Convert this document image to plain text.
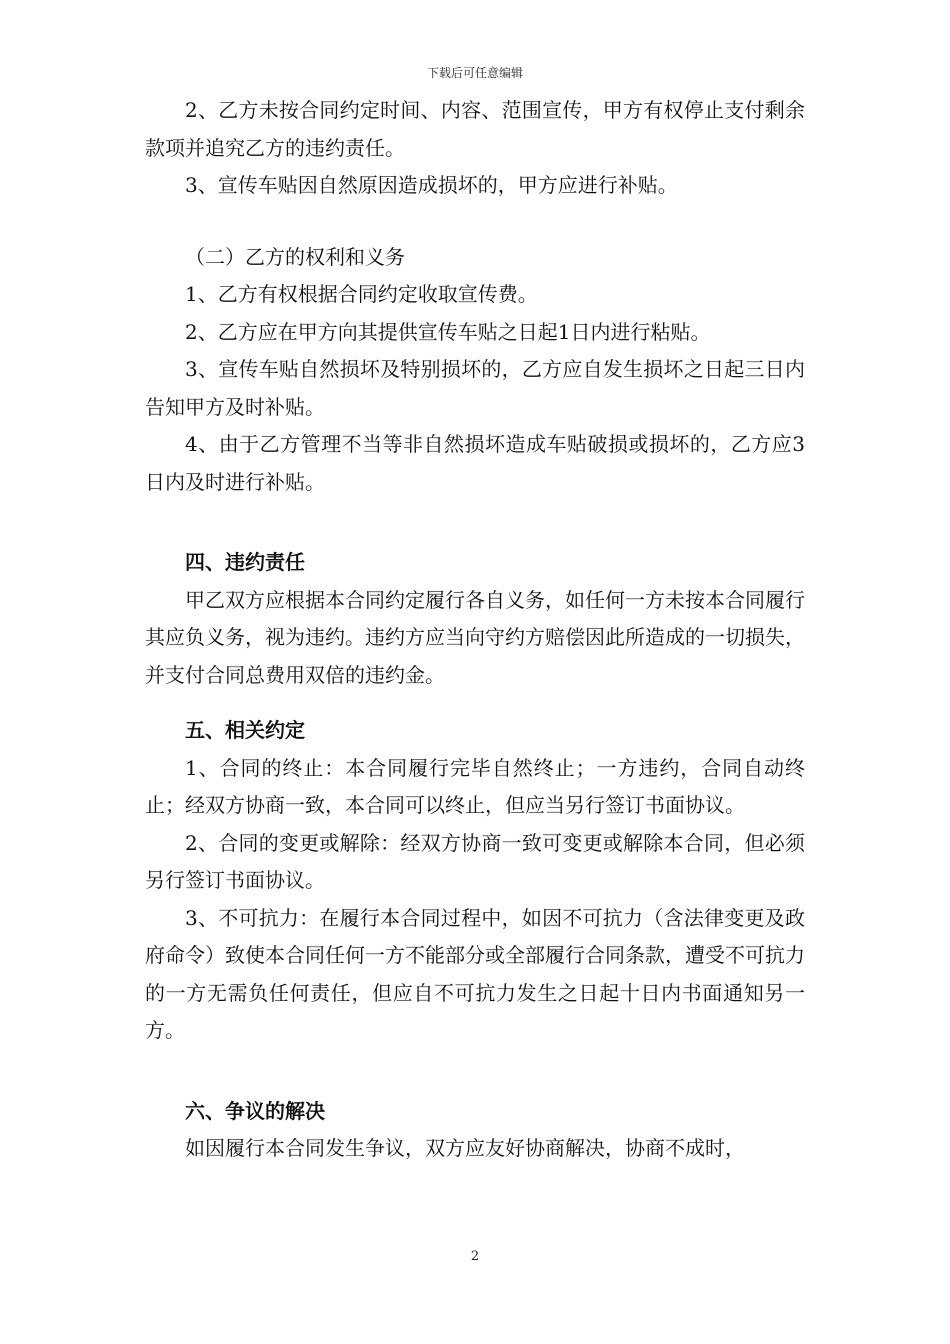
下载后可任意编辑

2、乙方未按合同约定时间、内容、范围宣传，甲方有权停止支付剩余款项并追究乙方的违约责任。

3、宣传车贴因自然原因造成损坏的，甲方应进行补贴。

（二）乙方的权利和义务

1、乙方有权根据合同约定收取宣传费。

2、乙方应在甲方向其提供宣传车贴之日起1日内进行粘贴。

3、宣传车贴自然损坏及特别损坏的，乙方应自发生损坏之日起三日内告知甲方及时补贴。

4、由于乙方管理不当等非自然损坏造成车贴破损或损坏的，乙方应3日内及时进行补贴。

四、违约责任

甲乙双方应根据本合同约定履行各自义务，如任何一方未按本合同履行其应负义务，视为违约。违约方应当向守约方赔偿因此所造成的一切损失，并支付合同总费用双倍的违约金。

五、相关约定

1、合同的终止：本合同履行完毕自然终止；一方违约，合同自动终止；经双方协商一致，本合同可以终止，但应当另行签订书面协议。

2、合同的变更或解除：经双方协商一致可变更或解除本合同，但必须另行签订书面协议。

3、不可抗力：在履行本合同过程中，如因不可抗力（含法律变更及政府命令）致使本合同任何一方不能部分或全部履行合同条款，遭受不可抗力的一方无需负任何责任，但应自不可抗力发生之日起十日内书面通知另一方。

六、争议的解决

如因履行本合同发生争议，双方应友好协商解决，协商不成时，

2
